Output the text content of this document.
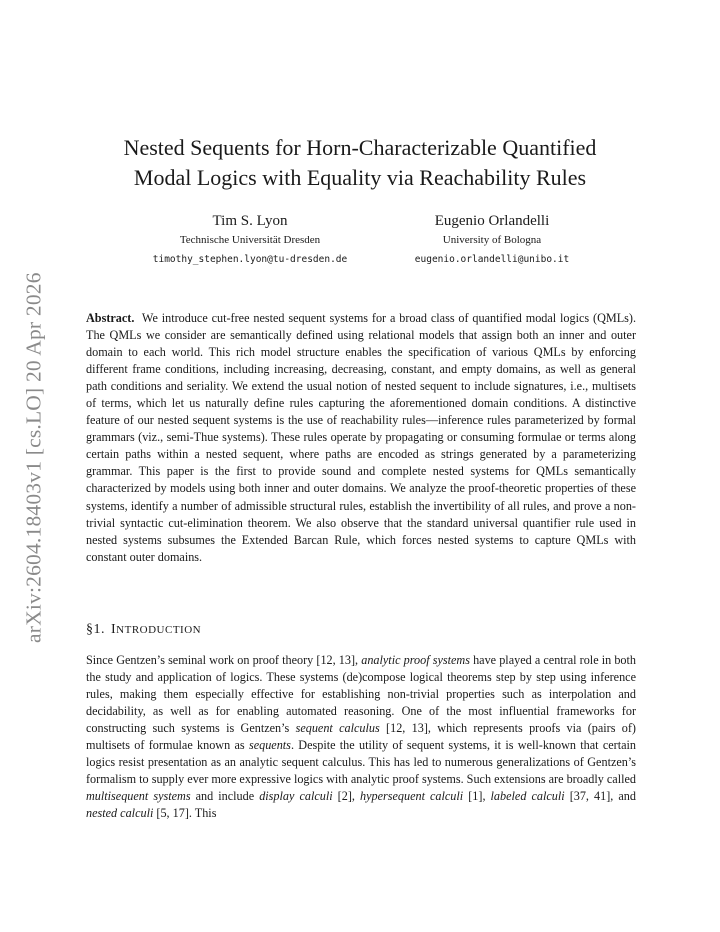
arXiv:2604.18403v1 [cs.LO] 20 Apr 2026
Nested Sequents for Horn-Characterizable Quantified
Modal Logics with Equality via Reachability Rules
Tim S. Lyon
Technische Universität Dresden
timothy_stephen.lyon@tu-dresden.de
Eugenio Orlandelli
University of Bologna
eugenio.orlandelli@unibo.it
Abstract. We introduce cut-free nested sequent systems for a broad class of quantified modal logics (QMLs). The QMLs we consider are semantically defined using relational models that assign both an inner and outer domain to each world. This rich model structure enables the specification of various QMLs by enforcing different frame conditions, including increasing, decreasing, constant, and empty domains, as well as general path conditions and seriality. We extend the usual notion of nested sequent to include signatures, i.e., multisets of terms, which let us naturally define rules capturing the aforementioned domain conditions. A distinctive feature of our nested sequent systems is the use of reachability rules—inference rules parameterized by formal grammars (viz., semi-Thue systems). These rules operate by propagating or consuming formulae or terms along certain paths within a nested sequent, where paths are encoded as strings generated by a parameterizing grammar. This paper is the first to provide sound and complete nested systems for QMLs semantically characterized by models using both inner and outer domains. We analyze the proof-theoretic properties of these systems, identify a number of admissible structural rules, establish the invertibility of all rules, and prove a non-trivial syntactic cut-elimination theorem. We also observe that the standard universal quantifier rule used in nested systems subsumes the Extended Barcan Rule, which forces nested systems to capture QMLs with constant outer domains.
§1. INTRODUCTION
Since Gentzen’s seminal work on proof theory [12, 13], analytic proof systems have played a central role in both the study and application of logics. These systems (de)compose logical theorems step by step using inference rules, making them especially effective for establishing non-trivial properties such as interpolation and decidability, as well as for enabling automated reasoning. One of the most influential frameworks for constructing such systems is Gentzen’s sequent calculus [12, 13], which represents proofs via (pairs of) multisets of formulae known as sequents. Despite the utility of sequent systems, it is well-known that certain logics resist presentation as an analytic sequent calculus. This has led to numerous generalizations of Gentzen’s formalism to supply ever more expressive logics with analytic proof systems. Such extensions are broadly called multisequent systems and include display calculi [2], hypersequent calculi [1], labeled calculi [37, 41], and nested calculi [5, 17]. This
